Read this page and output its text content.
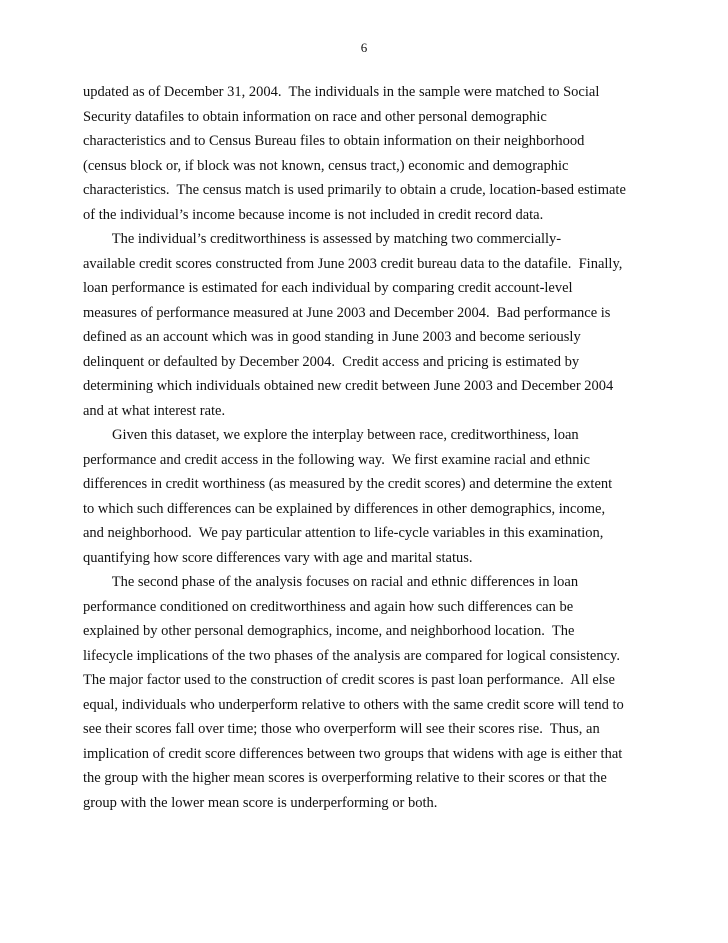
6
updated as of December 31, 2004.  The individuals in the sample were matched to Social
Security datafiles to obtain information on race and other personal demographic
characteristics and to Census Bureau files to obtain information on their neighborhood
(census block or, if block was not known, census tract,) economic and demographic
characteristics.  The census match is used primarily to obtain a crude, location-based estimate
of the individual’s income because income is not included in credit record data.
The individual’s creditworthiness is assessed by matching two commercially-
available credit scores constructed from June 2003 credit bureau data to the datafile.  Finally,
loan performance is estimated for each individual by comparing credit account-level
measures of performance measured at June 2003 and December 2004.  Bad performance is
defined as an account which was in good standing in June 2003 and become seriously
delinquent or defaulted by December 2004.  Credit access and pricing is estimated by
determining which individuals obtained new credit between June 2003 and December 2004
and at what interest rate.
Given this dataset, we explore the interplay between race, creditworthiness, loan
performance and credit access in the following way.  We first examine racial and ethnic
differences in credit worthiness (as measured by the credit scores) and determine the extent
to which such differences can be explained by differences in other demographics, income,
and neighborhood.  We pay particular attention to life-cycle variables in this examination,
quantifying how score differences vary with age and marital status.
The second phase of the analysis focuses on racial and ethnic differences in loan
performance conditioned on creditworthiness and again how such differences can be
explained by other personal demographics, income, and neighborhood location.  The
lifecycle implications of the two phases of the analysis are compared for logical consistency.
The major factor used to the construction of credit scores is past loan performance.  All else
equal, individuals who underperform relative to others with the same credit score will tend to
see their scores fall over time; those who overperform will see their scores rise.  Thus, an
implication of credit score differences between two groups that widens with age is either that
the group with the higher mean scores is overperforming relative to their scores or that the
group with the lower mean score is underperforming or both.
